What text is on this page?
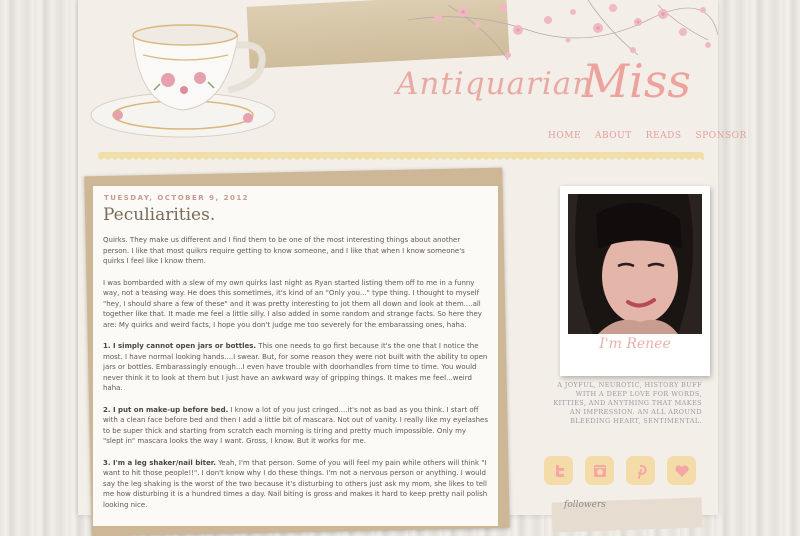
Antiquarian
Miss
HOME ABOUT READS SPONSOR
TUESDAY, OCTOBER 9, 2012
Peculiarities.

Quirks. They make us different and I find them to be one of the most interesting things about another person. I like that most quikrs require getting to know someone, and I like that when I know someone's quirks I feel like I know them.

I was bombarded with a slew of my own quirks last night as Ryan started listing them off to me in a funny way, not a teasing way. He does this sometimes, it's kind of an "Only you..." type thing. I thought to myself "hey, I should share a few of these" and it was pretty interesting to jot them all down and look at them....all together like that. It made me feel a little silly. I also added in some random and strange facts. So here they are: My quirks and weird facts, I hope you don't judge me too severely for the embarassing ones, haha.

1. I simply cannot open jars or bottles. This one needs to go first because it's the one that I notice the most. I have normal looking hands....I swear. But, for some reason they were not built with the ability to open jars or bottles. Embarassingly enough...I even have trouble with doorhandles from time to time. You would never think it to look at them but I just have an awkward way of gripping things. It makes me feel...weird haha.

2. I put on make-up before bed. I know a lot of you just cringed....it's not as bad as you think. I start off with a clean face before bed and then I add a little bit of mascara. Not out of vanity. I really like my eyelashes to be super thick and starting from scratch each morning is tiring and pretty much impossible. Only my "slept in" mascara looks the way I want. Gross, I know. But it works for me.

3. I'm a leg shaker/nail biter. Yeah, I'm that person. Some of you will feel my pain while others will think "I want to hit those people!!". I don't know why I do these things. I'm not a nervous person or anything. I would say the leg shaking is the worst of the two because it's disturbing to others just ask my mom, she likes to tell me how disturbing it is a hundred times a day. Nail biting is gross and makes it hard to keep pretty nail polish looking nice.

I'm Renee
A JOYFUL, NEUROTIC, HISTORY BUFF WITH A DEEP LOVE FOR WORDS, KITTIES, AND ANYTHING THAT MAKES AN IMPRESSION. AN ALL AROUND BLEEDING HEART, SENTIMENTAL.
followers
